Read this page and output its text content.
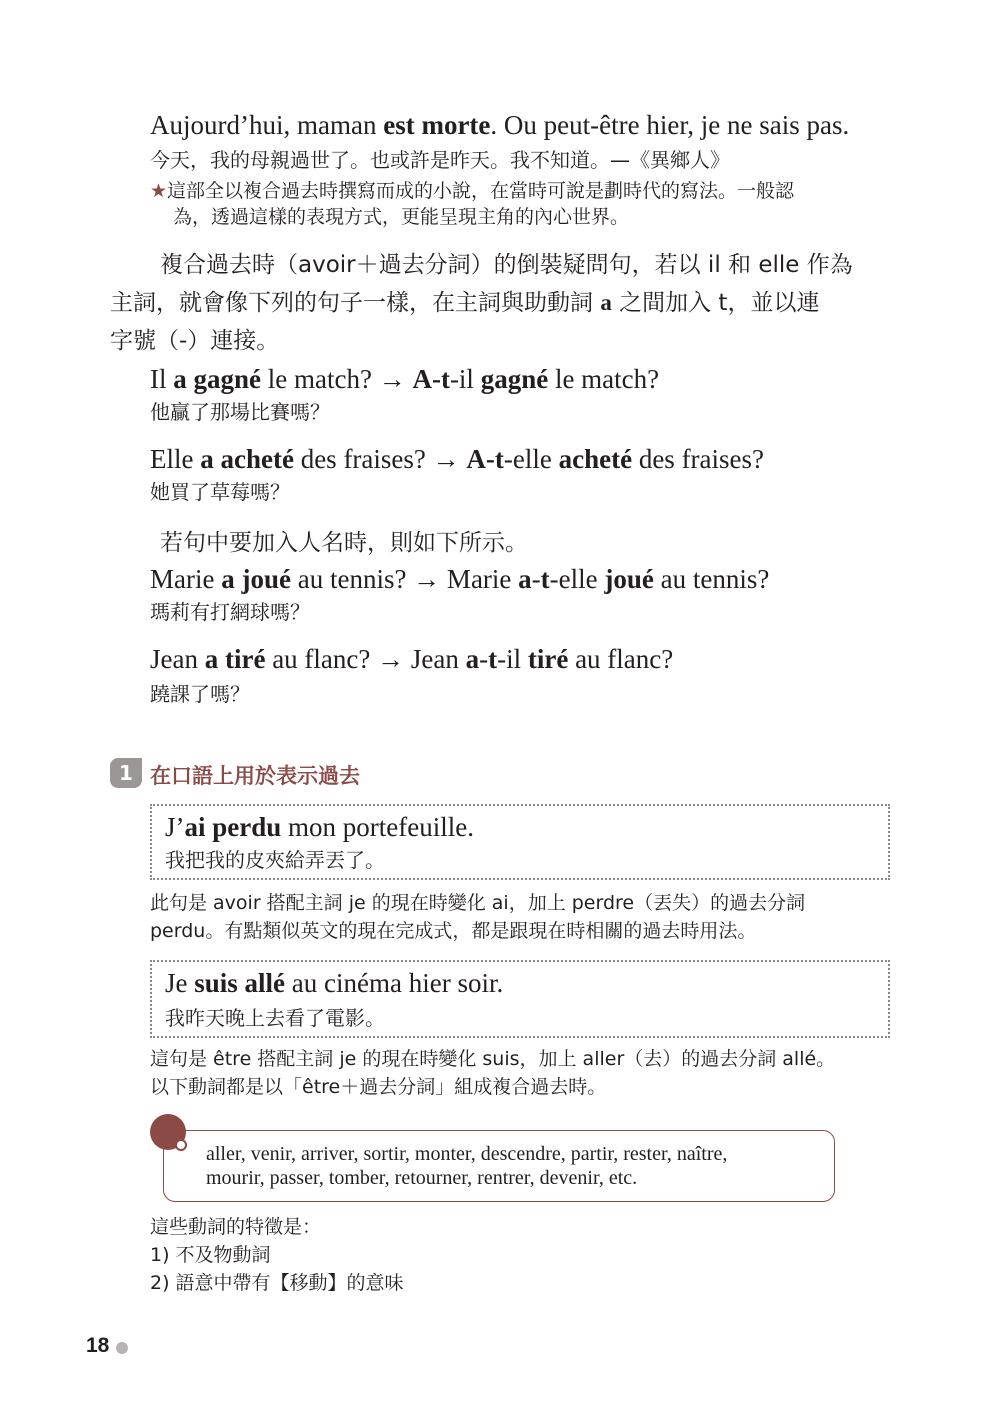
Aujourd’hui, maman est morte. Ou peut-être hier, je ne sais pas.
今天，我的母親過世了。也或許是昨天。我不知道。—《異鄉人》
★這部全以複合過去時撰寫而成的小說，在當時可說是劃時代的寫法。一般認
為，透過這樣的表現方式，更能呈現主角的內心世界。
複合過去時（avoir＋過去分詞）的倒裝疑問句，若以 il 和 elle 作為
主詞，就會像下列的句子一樣，在主詞與助動詞 a 之間加入 t，並以連
字號（-）連接。
Il a gagné le match? → A-t-il gagné le match?
他贏了那場比賽嗎？
Elle a acheté des fraises? → A-t-elle acheté des fraises?
她買了草莓嗎？
若句中要加入人名時，則如下所示。
Marie a joué au tennis? → Marie a-t-elle joué au tennis?
瑪莉有打網球嗎？
Jean a tiré au flanc? → Jean a-t-il tiré au flanc?
蹺課了嗎？
1 在口語上用於表示過去
J’ai perdu mon portefeuille.
我把我的皮夾給弄丟了。
此句是 avoir 搭配主詞 je 的現在時變化 ai，加上 perdre（丟失）的過去分詞
perdu。有點類似英文的現在完成式，都是跟現在時相關的過去時用法。
Je suis allé au cinéma hier soir.
我昨天晚上去看了電影。
這句是 être 搭配主詞 je 的現在時變化 suis，加上 aller（去）的過去分詞 allé。
以下動詞都是以「être＋過去分詞」組成複合過去時。
aller, venir, arriver, sortir, monter, descendre, partir, rester, naître,
mourir, passer, tomber, retourner, rentrer, devenir, etc.
這些動詞的特徵是：
1) 不及物動詞
2) 語意中帶有【移動】的意味
18
